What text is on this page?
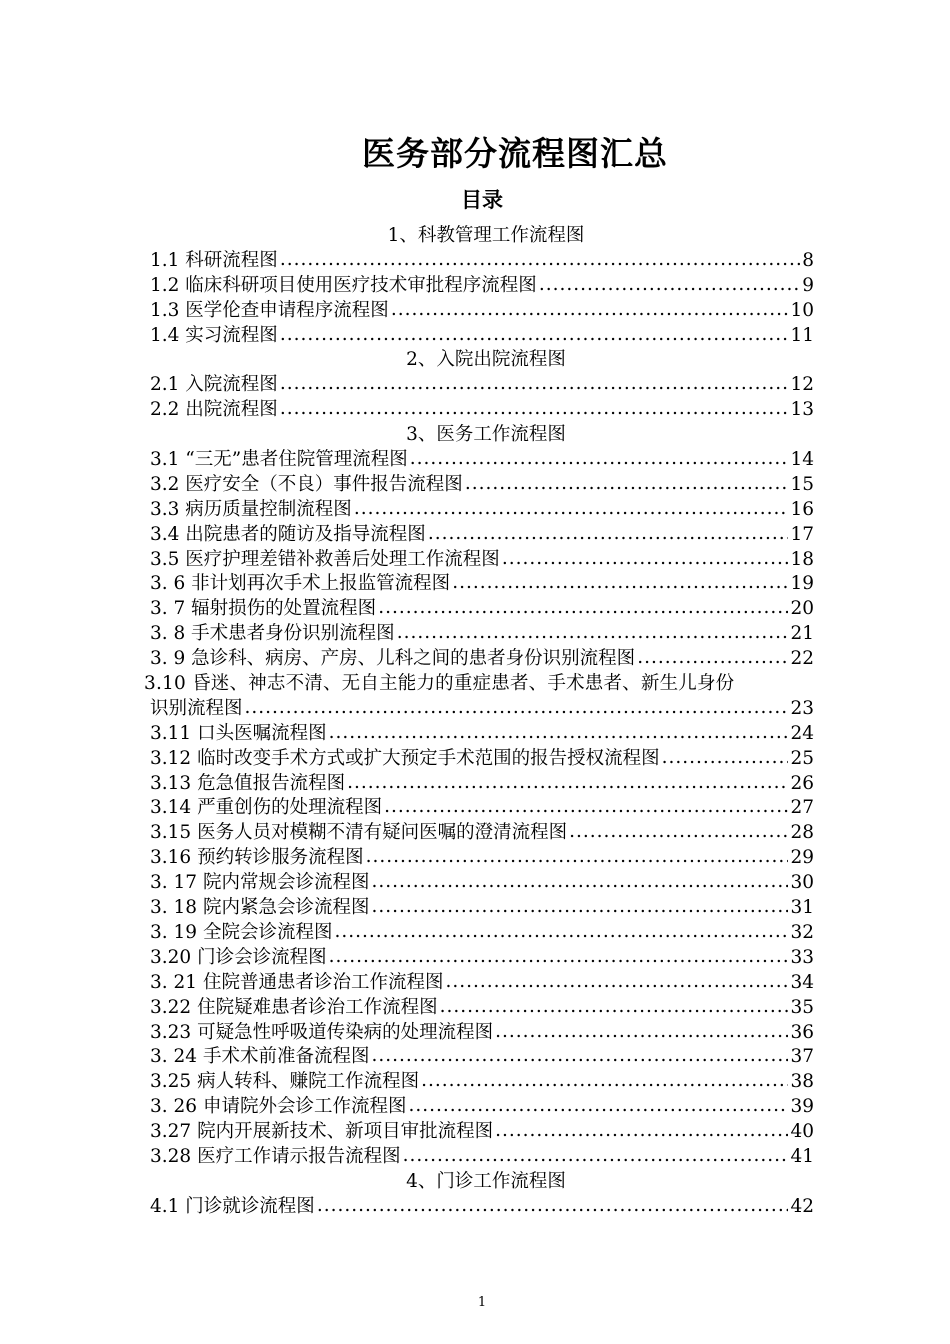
医务部分流程图汇总
目录
1、科教管理工作流程图
1.1 科研流程图 .....	8
1.2 临床科研项目使用医疗技术审批程序流程图 .....	9
1.3 医学伦查申请程序流程图 .....	10
1.4 实习流程图 .....	11
2、入院出院流程图
2.1 入院流程图 .....	12
2.2 出院流程图 .....	13
3、医务工作流程图
3.1 “三无”患者住院管理流程图 .....	14
3.2 医疗安全（不良）事件报告流程图 .....	15
3.3 病历质量控制流程图 .....	16
3.4 出院患者的随访及指导流程图 .....	17
3.5 医疗护理差错补救善后处理工作流程图 .....	18
3. 6 非计划再次手术上报监管流程图 .....	19
3. 7 辐射损伤的处置流程图 .....	20
3. 8 手术患者身份识别流程图 .....	21
3. 9 急诊科、病房、产房、儿科之间的患者身份识别流程图 .....	22
3.10 昏迷、神志不清、无自主能力的重症患者、手术患者、新生儿身份
识别流程图 .....	23
3.11 口头医嘱流程图 .....	24
3.12 临时改变手术方式或扩大预定手术范围的报告授权流程图 .....	25
3.13 危急值报告流程图 .....	26
3.14 严重创伤的处理流程图 .....	27
3.15 医务人员对模糊不清有疑问医嘱的澄清流程图 .....	28
3.16 预约转诊服务流程图 .....	29
3. 17 院内常规会诊流程图 .....	30
3. 18 院内紧急会诊流程图 .....	31
3. 19 全院会诊流程图 .....	32
3.20 门诊会诊流程图 .....	33
3. 21 住院普通患者诊治工作流程图 .....	34
3.22 住院疑难患者诊治工作流程图 .....	35
3.23 可疑急性呼吸道传染病的处理流程图 .....	36
3. 24 手术术前准备流程图 .....	37
3.25 病人转科、赚院工作流程图 .....	38
3. 26 申请院外会诊工作流程图 .....	39
3.27 院内开展新技术、新项目审批流程图 .....	40
3.28 医疗工作请示报告流程图 .....	41
4、门诊工作流程图
4.1 门诊就诊流程图 .....	42
1
